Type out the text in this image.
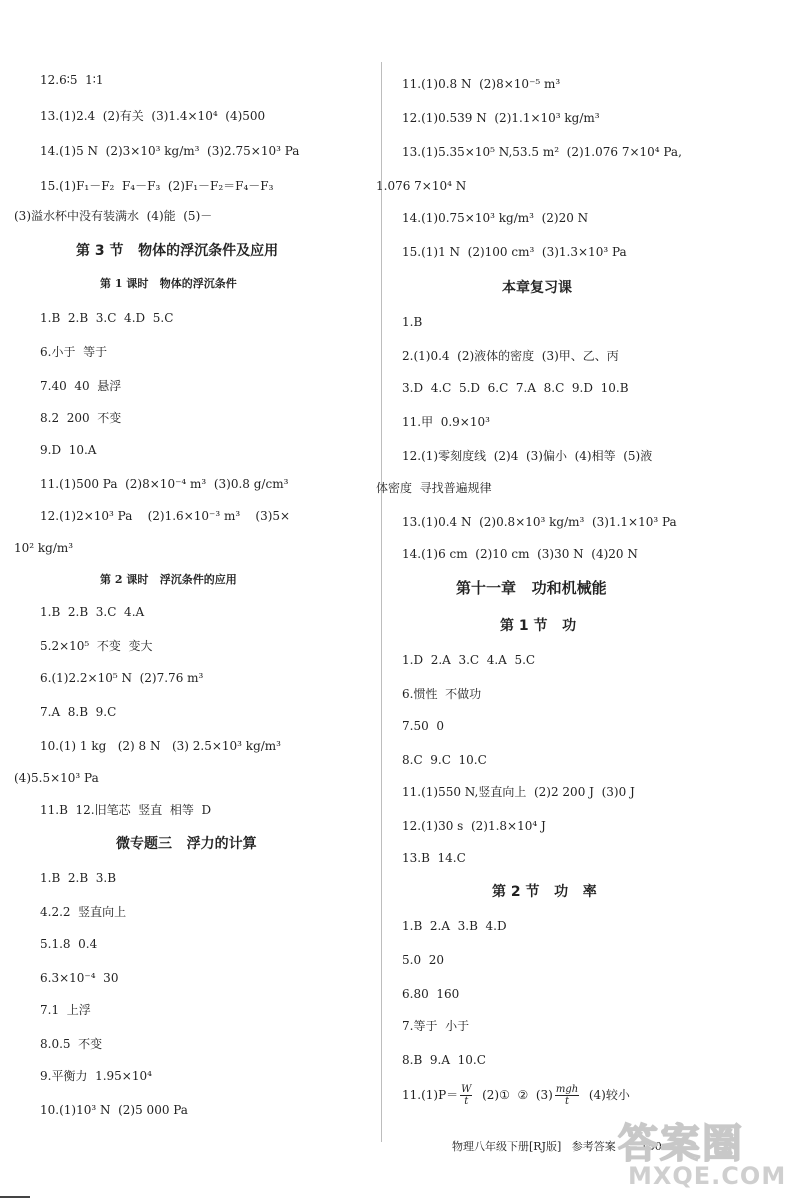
12.6∶5  1∶1
13.(1)2.4  (2)有关  (3)1.4×10⁴  (4)500
14.(1)5 N  (2)3×10³ kg/m³  (3)2.75×10³ Pa
15.(1)F₁－F₂  F₄－F₃  (2)F₁－F₂＝F₄－F₃
(3)溢水杯中没有装满水  (4)能  (5)－
第 3 节   物体的浮沉条件及应用
第 1 课时   物体的浮沉条件
1.B  2.B  3.C  4.D  5.C
6.小于  等于
7.40  40  悬浮
8.2  200  不变
9.D  10.A
11.(1)500 Pa  (2)8×10⁻⁴ m³  (3)0.8 g/cm³
12.(1)2×10³ Pa    (2)1.6×10⁻³ m³    (3)5×
10² kg/m³
第 2 课时   浮沉条件的应用
1.B  2.B  3.C  4.A
5.2×10⁵  不变  变大
6.(1)2.2×10⁵ N  (2)7.76 m³
7.A  8.B  9.C
10.(1) 1 kg   (2) 8 N   (3) 2.5×10³ kg/m³
(4)5.5×10³ Pa
11.B  12.旧笔芯  竖直  相等  D
微专题三   浮力的计算
1.B  2.B  3.B
4.2.2  竖直向上
5.1.8  0.4
6.3×10⁻⁴  30
7.1  上浮
8.0.5  不变
9.平衡力  1.95×10⁴
10.(1)10³ N  (2)5 000 Pa
11.(1)0.8 N  (2)8×10⁻⁵ m³
12.(1)0.539 N  (2)1.1×10³ kg/m³
13.(1)5.35×10⁵ N,53.5 m²  (2)1.076 7×10⁴ Pa,
1.076 7×10⁴ N
14.(1)0.75×10³ kg/m³  (2)20 N
15.(1)1 N  (2)100 cm³  (3)1.3×10³ Pa
本章复习课
1.B
2.(1)0.4  (2)液体的密度  (3)甲、乙、丙
3.D  4.C  5.D  6.C  7.A  8.C  9.D  10.B
11.甲  0.9×10³
12.(1)零刻度线  (2)4  (3)偏小  (4)相等  (5)液
体密度  寻找普遍规律
13.(1)0.4 N  (2)0.8×10³ kg/m³  (3)1.1×10³ Pa
14.(1)6 cm  (2)10 cm  (3)30 N  (4)20 N
第十一章   功和机械能
第 1 节   功
1.D  2.A  3.C  4.A  5.C
6.惯性  不做功
7.50  0
8.C  9.C  10.C
11.(1)550 N,竖直向上  (2)2 200 J  (3)0 J
12.(1)30 s  (2)1.8×10⁴ J
13.B  14.C
第 2 节   功   率
1.B  2.A  3.B  4.D
5.0  20
6.80  160
7.等于  小于
8.B  9.A  10.C
$11.(1)P= \frac{W}{t}$ (2)①  ②  $(3) \frac{\text{mgh}}{t} (4)$较小
物理八年级下册[RJ版]   参考答案   — 150 —
答案圈
MXQE.COM
